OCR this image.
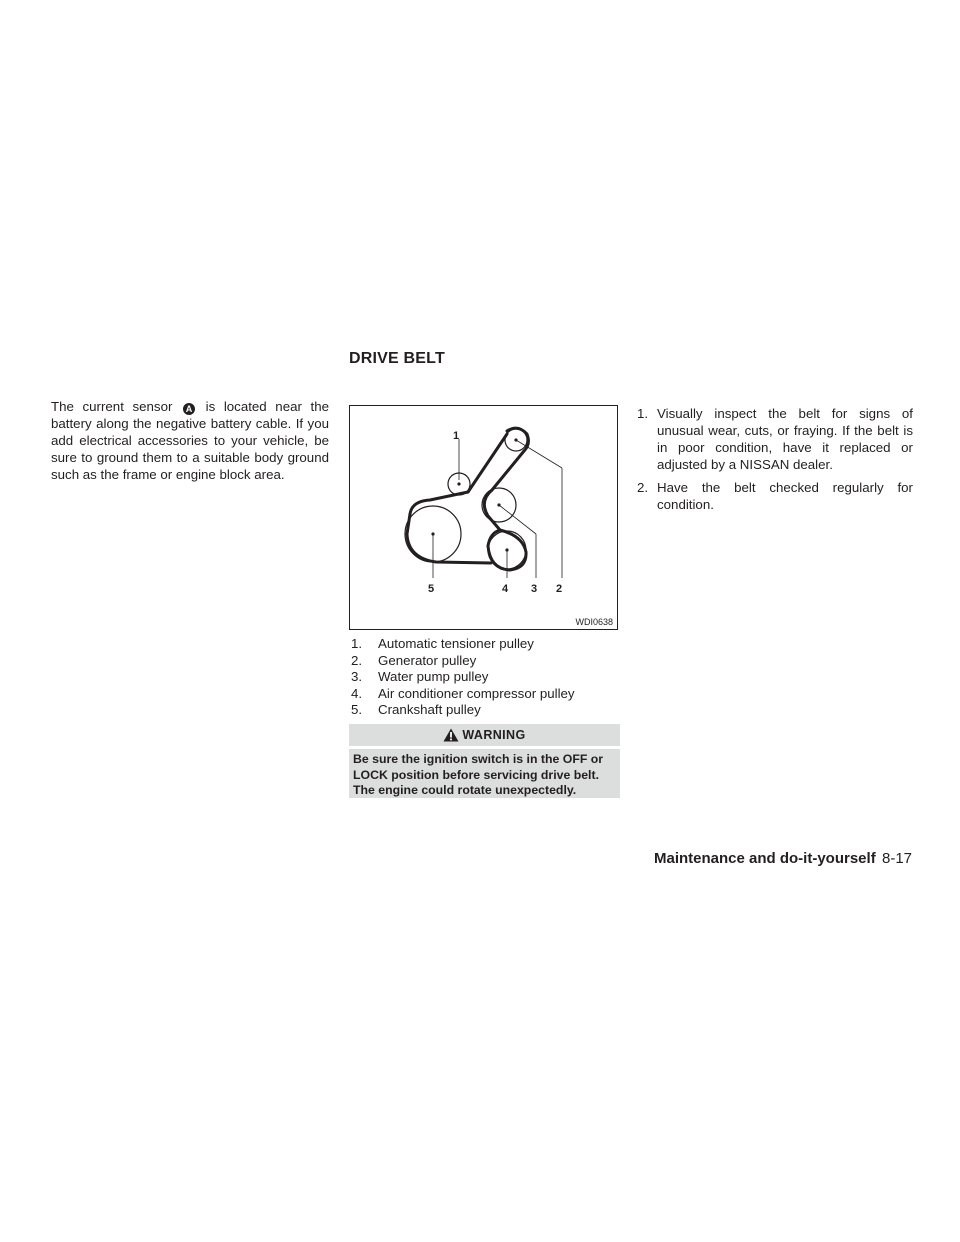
DRIVE BELT

The current sensor A is located near the battery along the negative battery cable. If you add electrical accessories to your vehicle, be sure to ground them to a suitable body ground such as the frame or engine block area.

1
2
3
4
5
WDI0638
1.	Automatic tensioner pulley
2.	Generator pulley
3.	Water pump pulley
4.	Air conditioner compressor pulley
5.	Crankshaft pulley
WARNING

Be sure the ignition switch is in the OFF or LOCK position before servicing drive belt. The engine could rotate unexpectedly.

1. Visually inspect the belt for signs of unusual wear, cuts, or fraying. If the belt is in poor condition, have it replaced or adjusted by a NISSAN dealer.
2. Have the belt checked regularly for condition.

Maintenance and do-it-yourself 8-17
